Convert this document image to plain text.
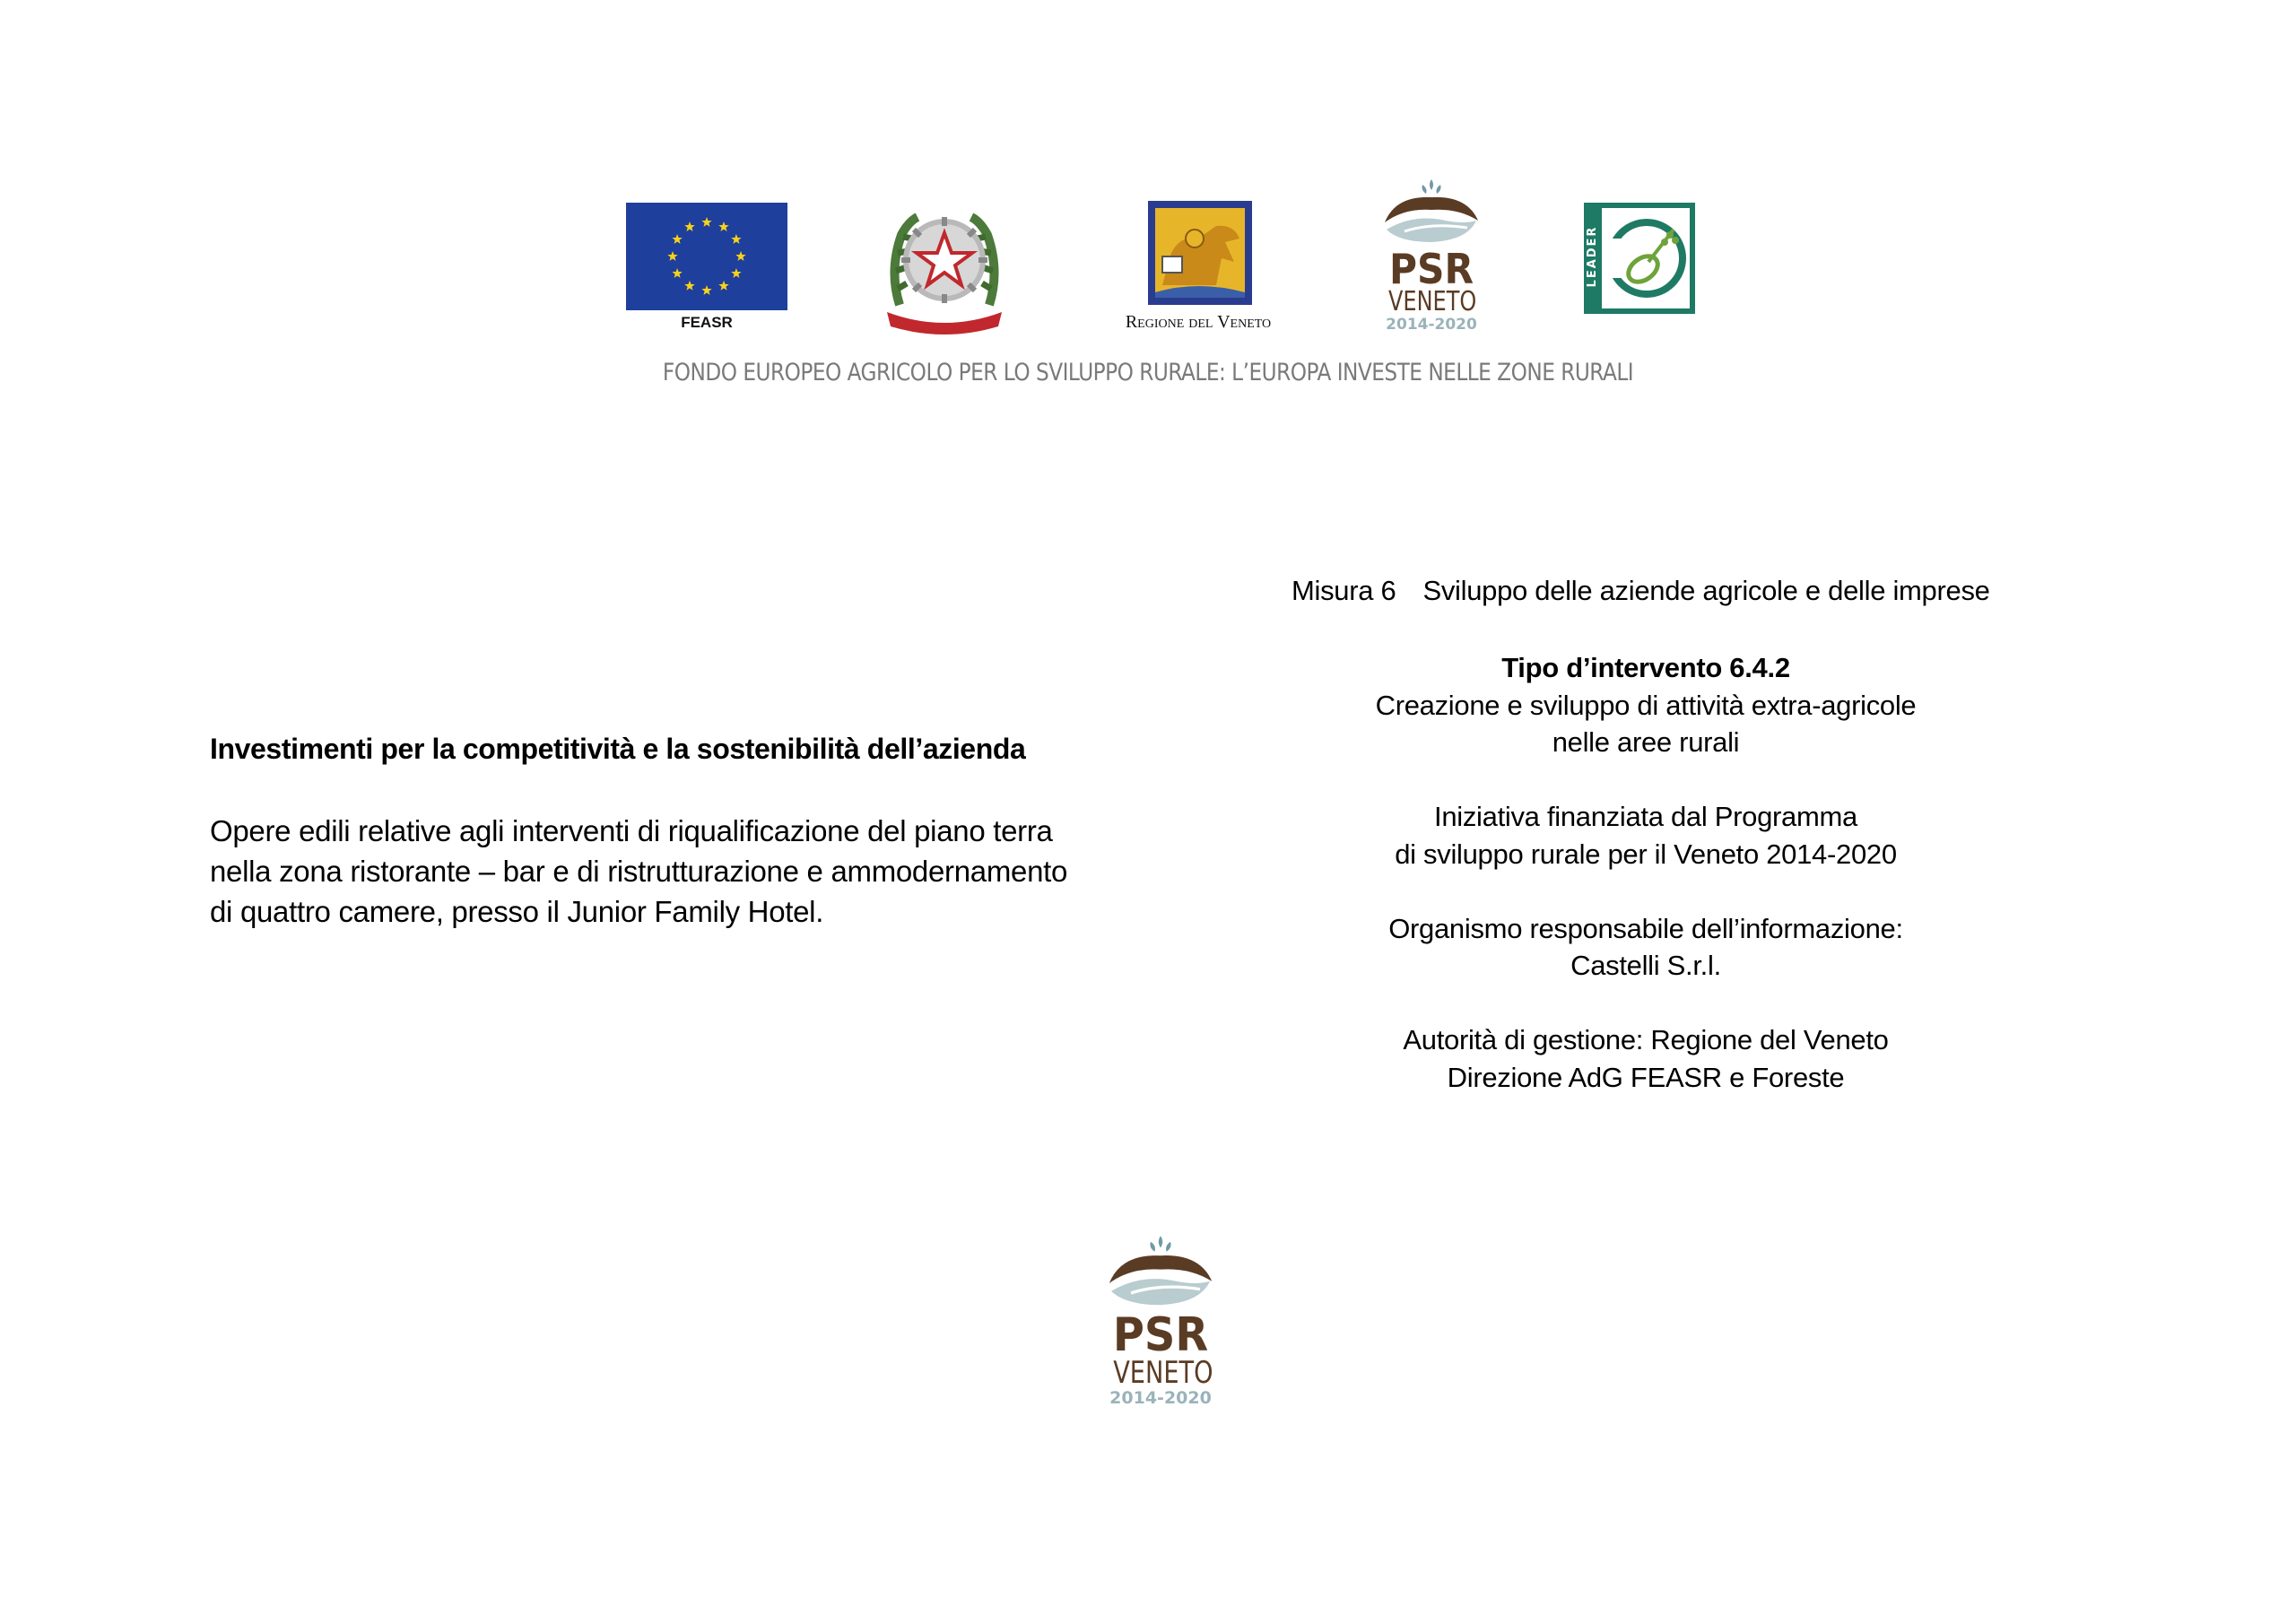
FEASR	Regione del Veneto
PSR
VENETO
2014-2020
LEADER
FONDO EUROPEO AGRICOLO PER LO SVILUPPO RURALE: L’EUROPA INVESTE NELLE ZONE RURALI
Investimenti per la competitività e la sostenibilità dell’azienda
Opere edili relative agli interventi di riqualificazione del piano terra
nella zona ristorante – bar e di ristrutturazione e ammodernamento
di quattro camere, presso il Junior Family Hotel.
Misura 6 Sviluppo delle aziende agricole e delle imprese
Tipo d’intervento 6.4.2
Creazione e sviluppo di attività extra-agricole
nelle aree rurali
Iniziativa finanziata dal Programma
di sviluppo rurale per il Veneto 2014-2020
Organismo responsabile dell’informazione:
Castelli S.r.l.
Autorità di gestione: Regione del Veneto
Direzione AdG FEASR e Foreste
PSR
VENETO
2014-2020
